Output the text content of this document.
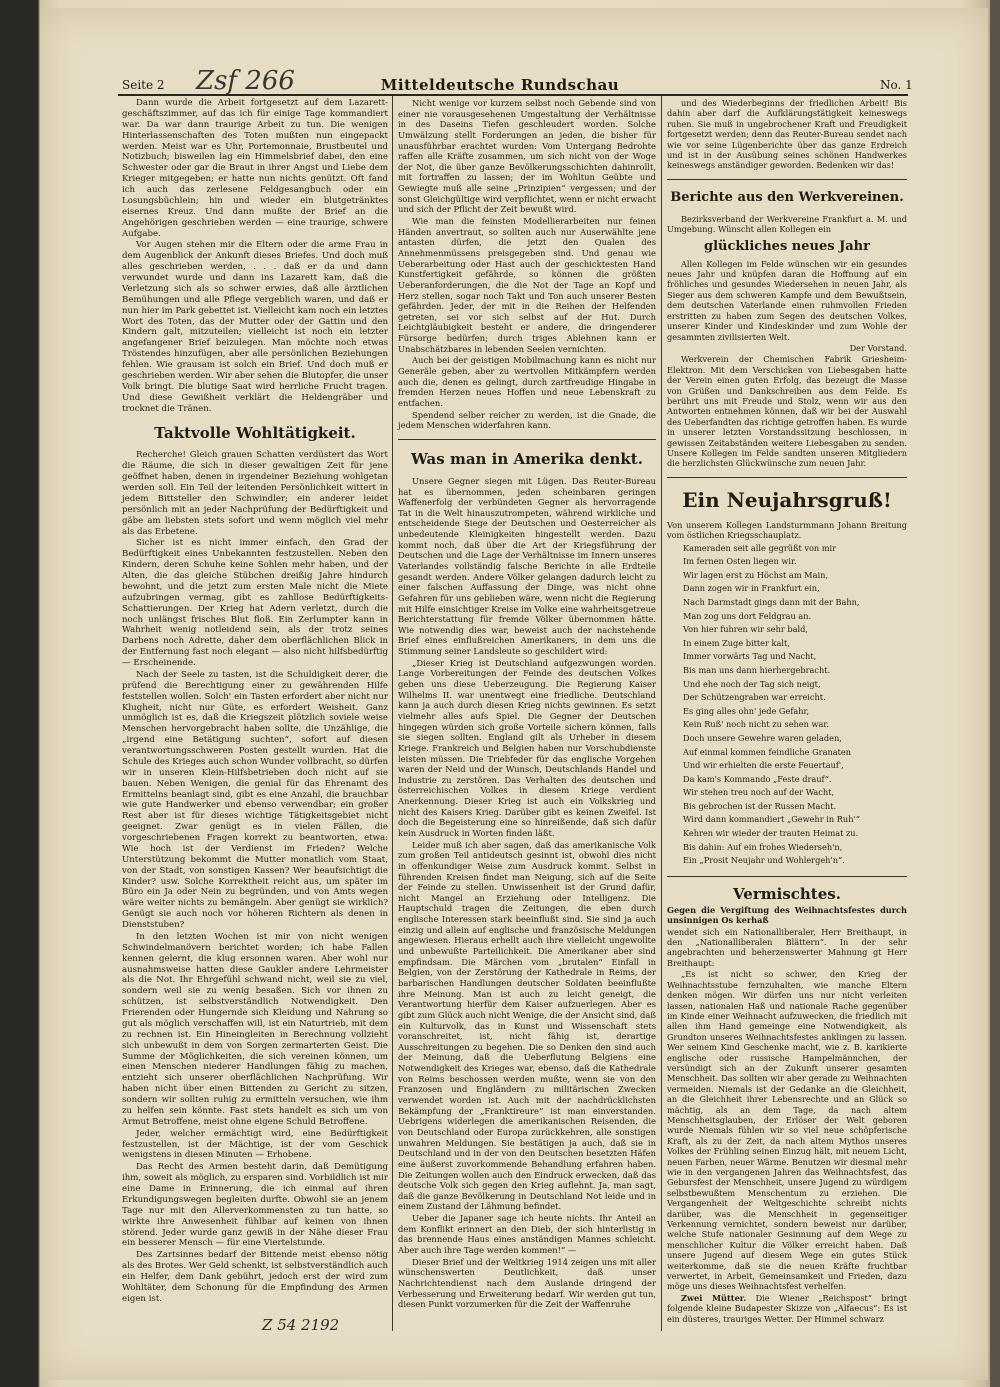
Seite 2 Zsf 266	Mitteldeutsche Rundschau	No. 1

Dann wurde die Arbeit fortgesetzt auf dem Lazarett-geschäftszimmer, auf das ich für einige Tage kommandiert war. Da war dann traurige Arbeit zu tun. Die wenigen Hinterlassenschaften des Toten mußten nun eingepackt werden. Meist war es Uhr, Portemonnaie, Brustbeutel und Notizbuch; bisweilen lag ein Himmelsbrief dabei, den eine Schwester oder gar die Braut in ihrer Angst und Liebe dem Krieger mitgegeben; er hatte nun nichts genützt. Oft fand ich auch das zerlesene Feldgesangbuch oder ein Losungsbüchlein; hin und wieder ein blutgetränktes eisernes Kreuz. Und dann mußte der Brief an die Angehörigen geschrieben werden — eine traurige, schwere Aufgabe.

Vor Augen stehen mir die Eltern oder die arme Frau in dem Augenblick der Ankunft dieses Briefes. Und doch muß alles geschrieben werden, . . . daß er da und dann verwundet wurde und dann ins Lazarett kam, daß die Verletzung sich als so schwer erwies, daß alle ärztlichen Bemühungen und alle Pflege vergeblich waren, und daß er nun hier im Park gebettet ist. Vielleicht kam noch ein letztes Wort des Toten, das der Mutter oder der Gattin und den Kindern galt, mitzuteilen; vielleicht ist noch ein letzter angefangener Brief beizulegen. Man möchte noch etwas Tröstendes hinzufügen, aber alle persönlichen Beziehungen fehlen. Wie grausam ist solch ein Brief. Und doch muß er geschrieben werden. Wir aber sehen die Blutopfer, die unser Volk bringt. Die blutige Saat wird herrliche Frucht tragen. Und diese Gewißheit verklärt die Heldengräber und trocknet die Tränen.

Taktvolle Wohltätigkeit.

Recherche! Gleich grauen Schatten verdüstert das Wort die Räume, die sich in dieser gewaltigen Zeit für jene geöffnet haben, denen in irgendeiner Beziehung wohlgetan werden soll. Ein Teil der leitenden Persönlichkeit wittert in jedem Bittsteller den Schwindler; ein anderer leidet persönlich mit an jeder Nachprüfung der Bedürftigkeit und gäbe am liebsten stets sofort und wenn möglich viel mehr als das Erbetene.

Sicher ist es nicht immer einfach, den Grad der Bedürftigkeit eines Unbekannten festzustellen. Neben den Kindern, deren Schuhe keine Sohlen mehr haben, und der Alten, die das gleiche Stübchen dreißig Jahre hindurch bewohnt, und die jetzt zum ersten Male nicht die Miete aufzubringen vermag, gibt es zahllose Bedürftigkeits-Schattierungen. Der Krieg hat Adern verletzt, durch die noch unlängst frisches Blut floß. Ein Zerlumpter kann in Wahrheit wenig notleidend sein, als der trotz seines Darbens noch Adrette, daher dem oberflächlichen Blick in der Entfernung fast noch elegant — also nicht hilfsbedürftig — Erscheinende.

Nach der Seele zu tasten, ist die Schuldigkeit derer, die prüfend die Berechtigung einer zu gewährenden Hilfe feststellen wollen. Solch' ein Tasten erfordert aber nicht nur Klugheit, nicht nur Güte, es erfordert Weisheit. Ganz unmöglich ist es, daß die Kriegszeit plötzlich soviele weise Menschen hervorgebracht haben sollte, die Unzählige, die „irgend eine Betätigung suchten“, sofort auf diesen verantwortungsschweren Posten gestellt wurden. Hat die Schule des Krieges auch schon Wunder vollbracht, so dürfen wir in unseren Klein-Hilfsbetrieben doch nicht auf sie bauen. Neben Wenigen, die genial für das Ehrenamt des Ermittelns beanlagt sind, gibt es eine Anzahl, die brauchbar wie gute Handwerker und ebenso verwendbar; ein großer Rest aber ist für dieses wichtige Tätigkeitsgebiet nicht geeignet. Zwar genügt es in vielen Fällen, die vorgeschriebenen Fragen korrekt zu beantworten, etwa: Wie hoch ist der Verdienst im Frieden? Welche Unterstützung bekommt die Mutter monatlich vom Staat, von der Stadt, von sonstigen Kassen? Wer beaufsichtigt die Kinder? usw. Solche Korrektheit reicht aus, um später im Büro ein Ja oder Nein zu begründen, und von Amts wegen wäre weiter nichts zu bemängeln. Aber genügt sie wirklich? Genügt sie auch noch vor höheren Richtern als denen in Dienststuben?

In den letzten Wochen ist mir von nicht wenigen Schwindelmanövern berichtet worden; ich habe Fallen kennen gelernt, die klug ersonnen waren. Aber wohl nur ausnahmsweise hatten diese Gaukler andere Lehrmeister als die Not. Ihr Ehrgefühl schwand nicht, weil sie zu viel, sondern weil sie zu wenig besaßen. Sich vor ihnen zu schützen, ist selbstverständlich Notwendigkeit. Den Frierenden oder Hungernde sich Kleidung und Nahrung so gut als möglich verschaffen will, ist ein Naturtrieb, mit dem zu rechnen ist. Ein Hineingleiten in Berechnung vollzieht sich unbewußt in dem von Sorgen zermarterten Geist. Die Summe der Möglichkeiten, die sich vereinen können, um einen Menschen niederer Handlungen fähig zu machen, entzieht sich unserer oberflächlichen Nachprüfung. Wir haben nicht über einen Bittenden zu Gericht zu sitzen, sondern wir sollten ruhig zu ermitteln versuchen, wie ihm zu helfen sein könnte. Fast stets handelt es sich um von Armut Betroffene, meist ohne eigene Schuld Betroffene.

Jeder, welcher ermächtigt wird, eine Bedürftigkeit festzustellen, ist der Mächtige, ist der vom Geschick wenigstens in diesen Minuten — Erhobene.

Das Recht des Armen besteht darin, daß Demütigung ihm, soweit als möglich, zu ersparen sind. Vorbildlich ist mir eine Dame in Erinnerung, die ich einmal auf ihren Erkundigungswegen begleiten durfte. Obwohl sie an jenem Tage nur mit den Allerverkommensten zu tun hatte, so wirkte ihre Anwesenheit fühlbar auf keinen von ihnen störend. Jeder wurde ganz gewiß in der Nähe dieser Frau ein besserer Mensch — für eine Viertelstunde.

Des Zartsinnes bedarf der Bittende meist ebenso nötig als des Brotes. Wer Geld schenkt, ist selbstverständlich auch ein Helfer, dem Dank gebührt, jedoch erst der wird zum Wohltäter, dem Schonung für die Empfindung des Armen eigen ist.

Nicht wenige vor kurzem selbst noch Gebende sind von einer nie vorausgesehenen Umgestaltung der Verhältnisse in des Daseins Tiefen geschleudert worden. Solche Umwälzung stellt Forderungen an jeden, die bisher für unausführbar erachtet wurden: Vom Untergang Bedrohte raffen alle Kräfte zusammen, um sich nicht von der Woge der Not, die über ganze Bevölkerungsschichten dahinrollt, mit fortraffen zu lassen; der im Wohltun Geübte und Gewiegte muß alle seine „Prinzipien“ vergessen; und der sonst Gleichgültige wird verpflichtet, wenn er nicht erwacht und sich der Pflicht der Zeit bewußt wird.

Wie man die feinsten Modellierarbeiten nur feinen Händen anvertraut, so sollten auch nur Auserwählte jene antasten dürfen, die jetzt den Qualen des Annehmenmüssens preisgegeben sind. Und genau wie Ueberarbeitung oder Hast auch der geschicktesten Hand Kunstfertigkeit gefährde, so können die größten Ueberanforderungen, die die Not der Tage an Kopf und Herz stellen, sogar noch Takt und Ton auch unserer Besten gefährden. Jeder, der mit in die Reihen der Helfenden getreten, sei vor sich selbst auf der Hut. Durch Leichtgläubigkeit besteht er andere, die dringenderer Fürsorge bedürfen; durch triges Ablehnen kann er Unabschätzbares in lebenden Seelen vernichten.

Auch bei der geistigen Mobilmachung kann es nicht nur Generäle geben, aber zu wertvollen Mitkämpfern werden auch die, denen es gelingt, durch zartfreudige Hingabe in fremden Herzen neues Hoffen und neue Lebenskraft zu entfachen.

Spendend selber reicher zu werden, ist die Gnade, die jedem Menschen widerfahren kann.

Was man in Amerika denkt.

Unsere Gegner siegen mit Lügen. Das Reuter-Bureau hat es übernommen, jeden scheinbaren geringen Waffenerfolg der verbündeten Gegner als hervorragende Tat in die Welt hinauszutrompeten, während wirkliche und entscheidende Siege der Deutschen und Oesterreicher als unbedeutende Kleinigkeiten hingestellt werden. Dazu kommt noch, daß über die Art der Kriegsführung der Deutschen und die Lage der Verhältnisse im Innern unseres Vaterlandes vollständig falsche Berichte in alle Erdteile gesandt werden. Andere Völker gelangen dadurch leicht zu einer falschen Auffassung der Dinge, was nicht ohne Gefahren für uns geblieben wäre, wenn nicht die Regierung mit Hilfe einsichtiger Kreise im Volke eine wahrheitsgetreue Berichterstattung für fremde Völker übernommen hätte. Wie notwendig dies war, beweist auch der nachstehende Brief eines einflußreichen Amerikaners, in dem uns die Stimmung seiner Landsleute so geschildert wird:

„Dieser Krieg ist Deutschland aufgezwungen worden. Lange Vorbereitungen der Feinde des deutschen Volkes geben uns diese Ueberzeugung. Die Regierung Kaiser Wilhelms II. war unentwegt eine friedliche. Deutschland kann ja auch durch diesen Krieg nichts gewinnen. Es setzt vielmehr alles aufs Spiel. Die Gegner der Deutschen hingegen würden sich große Vorteile sichern können, falls sie siegen sollten. England gilt als Urheber in diesem Kriege. Frankreich und Belgien haben nur Vorschubdienste leisten müssen. Die Triebfeder für das englische Vorgehen waren der Neid und der Wunsch, Deutschlands Handel und Industrie zu zerstören. Das Verhalten des deutschen und österreichischen Volkes in diesem Kriege verdient Anerkennung. Dieser Krieg ist auch ein Volkskrieg und nicht des Kaisers Krieg. Darüber gibt es keinen Zweifel. Ist doch die Begeisterung eine so hinreißende, daß sich dafür kein Ausdruck in Worten finden läßt.

Leider muß ich aber sagen, daß das amerikanische Volk zum großen Teil antideutsch gesinnt ist, obwohl dies nicht in offenkundiger Weise zum Ausdruck kommt. Selbst in führenden Kreisen findet man Neigung, sich auf die Seite der Feinde zu stellen. Unwissenheit ist der Grund dafür, nicht Mangel an Erziehung oder Intelligenz. Die Hauptschuld tragen die Zeitungen, die eben durch englische Interessen stark beeinflußt sind. Sie sind ja auch einzig und allein auf englische und französische Meldungen angewiesen. Hieraus erhellt auch ihre vielleicht ungewollte und unbewußte Parteilichkeit. Die Amerikaner aber sind empfindsam. Die Märchen vom „brutalen“ Einfall in Belgien, von der Zerstörung der Kathedrale in Reims, der barbarischen Handlungen deutscher Soldaten beeinflußte ihre Meinung. Man ist auch zu leicht geneigt, die Verantwortung hierfür dem Kaiser aufzuerlegen. Aber es gibt zum Glück auch nicht Wenige, die der Ansicht sind, daß ein Kulturvolk, das in Kunst und Wissenschaft stets voranschreitet, ist, nicht fähig ist, derartige Ausschreitungen zu begehen. Die so Denken den sind auch der Meinung, daß die Ueberflutung Belgiens eine Notwendigkeit des Krieges war, ebenso, daß die Kathedrale von Reims beschossen werden mußte, wenn sie von den Franzosen und Engländern zu militärischen Zwecken verwendet worden ist. Auch mit der nachdrücklichsten Bekämpfung der „Franktireure“ ist man einverstanden. Uebrigens widerlegen die amerikanischen Reisenden, die von Deutschland oder Europa zurückkehren, alle sonstigen unwahren Meldungen. Sie bestätigen ja auch, daß sie in Deutschland und in der von den Deutschen besetzten Häfen eine äußerst zuvorkommende Behandlung erfahren haben. Die Zeitungen wollen auch den Eindruck erwecken, daß das deutsche Volk sich gegen den Krieg auflehnt. Ja, man sagt, daß die ganze Bevölkerung in Deutschland Not leide und in einem Zustand der Lähmung befindet.

Ueber die Japaner sage ich heute nichts. Ihr Anteil an dem Konflikt erinnert an den Dieb, der sich hinterlistig in das brennende Haus eines anständigen Mannes schleicht. Aber auch ihre Tage werden kommen!“ —

Dieser Brief und der Weltkrieg 1914 zeigen uns mit aller wünschenswerten Deutlichkeit, daß unser Nachrichtendienst nach dem Auslande dringend der Verbesserung und Erweiterung bedarf. Wir werden gut tun, diesen Punkt vorzumerken für die Zeit der Waffenruhe

und des Wiederbeginns der friedlichen Arbeit! Bis dahin aber darf die Aufklärungstätigkeit keineswegs ruhen. Sie muß in ungebrochener Kraft und Freudigkeit fortgesetzt werden; denn das Reuter-Bureau sendet nach wie vor seine Lügenberichte über das ganze Erdreich und ist in der Ausübung seines schönen Handwerkes keineswegs anständiger geworden. Bedenken wir das!

Berichte aus den Werkvereinen.

Bezirksverband der Werkvereine Frankfurt a. M. und Umgebung. Wünscht allen Kollegen ein

glückliches neues Jahr

Allen Kollegen im Felde wünschen wir ein gesundes neues Jahr und knüpfen daran die Hoffnung auf ein fröhliches und gesundes Wiedersehen in neuen Jahr, als Sieger aus dem schweren Kampfe und dem Bewußtsein, dem deutschen Vaterlande einen ruhmvollen Frieden erstritten zu haben zum Segen des deutschen Volkes, unserer Kinder und Kindeskinder und zum Wohle der gesammten zivilisierten Welt.

Der Vorstand.

Werkverein der Chemischen Fabrik Griesheim-Elektron. Mit dem Verschicken von Liebesgaben hatte der Verein einen guten Erfolg, das bezeugt die Masse von Grüßen und Dankschreiben aus dem Felde. Es berührt uns mit Freude und Stolz, wenn wir aus den Antworten entnehmen können, daß wir bei der Auswahl des Ueberfandten das richtige getroffen haben. Es wurde in unserer letzten Vorstandssitzung beschlossen, in gewissen Zeitabständen weitere Liebesgaben zu senden. Unsere Kollegen im Felde sandten unseren Mitgliedern die herzlichsten Glückwünsche zum neuen Jahr.

Ein Neujahrsgruß!

Von unserem Kollegen Landsturmmann Johann Breitung vom östlichen Kriegsschauplatz.

Kameraden seit alle gegrüßt von mir

Im fernen Osten liegen wir.

Wir lagen erst zu Höchst am Main,

Dann zogen wir in Frankfurt ein,

Nach Darmstadt gings dann mit der Bahn,

Man zog uns dort Feldgrau an.

Von hier fuhren wir sehr bald,

In einem Zuge bitter kalt,

Immer vorwärts Tag und Nacht,

Bis man uns dann hierhergebracht.

Und ehe noch der Tag sich neigt,

Der Schützengraben war erreicht.

Es ging alles ohn' jede Gefahr,

Kein Ruß' noch nicht zu sehen war.

Doch unsere Gewehre waren geladen,

Auf einmal kommen feindliche Granaten

Und wir erhielten die erste Feuertauf',

Da kam's Kommando „Feste drauf“.

Wir stehen treu noch auf der Wacht,

Bis gebrochen ist der Russen Macht.

Wird dann kommandiert „Gewehr in Ruh'“

Kehren wir wieder der trauten Heimat zu.

Bis dahin: Auf ein frohes Wiederseh'n,

Ein „Prosit Neujahr und Wohlergeh'n“.

Vermischtes.

Gegen die Vergiftung des Weihnachtsfestes durch unsinnigen Os kerhaß

wendet sich ein Nationalliberaler, Herr Breithaupt, in den „Nationalliberalen Blättern“. In der sehr angebrachten und beherzenswerter Mahnung gt Herr Breithaupt:

„Es ist nicht so schwer, den Krieg der Weihnachtsstube fernzuhalten, wie manche Eltern denken mögen. Wir dürfen uns nur nicht verleiten lassen, nationalen Haß und nationale Rache gegenüber im Kinde einer Weihnacht aufzuwecken, die friedlich mit allen ihm Hand gemeinge eine Notwendigkeit, als Grundton unseres Weihnachtsfestes anklingen zu lassen. Wer seinem Kind Geschenke macht, wie z. B. karikierte englische oder russische Hampelmännchen, der versündigt sich an der Zukunft unserer gesamten Menschheit. Das sollten wir aber gerade zu Weihnachten vermeiden. Niemals ist der Gedanke an die Gleichheit, an die Gleichheit ihrer Lebensrechte und an Glück so mächtig, als an dem Tage, da nach altem Menschheitsglauben, der Erlöser der Welt geboren wurde Niemals fühlen wir so viel neue schöpferische Kraft, als zu der Zeit, da nach altem Mythos unseres Volkes der Frühling seinen Einzug hält, mit neuem Licht, neuen Farben, neuer Wärme. Benutzen wir diesmal mehr wie in den vergangenen Jahren das Weihnachtsfest, das Gebursfest der Menschheit, unsere Jugend zu würdigem selbstbewußtem Menschentum zu erziehen. Die Vergangenheit der Weltgeschichte schreibt nichts darüber, was die Menschheit in gegenseitiger Verkennung vernichtet, sondern beweist nur darüber, welche Stufe nationaler Gesinnung auf dem Wege zu menschlicher Kultur die Völker erreicht haben. Daß unsere Jugend auf diesem Wege ein gutes Stück weiterkomme, daß sie die neuen Kräfte fruchtbar verwertet, in Arbeit, Gemeinsamkeit und Frieden, dazu möge uns dieses Weihnachtsfest verhelfen.

Zwei Mütter. Die Wiener „Reichspost“ bringt folgende kleine Budapester Skizze von „Alfaecus“: Es ist ein düsteres, trauriges Wetter. Der Himmel schwarz

Z 54 2192
